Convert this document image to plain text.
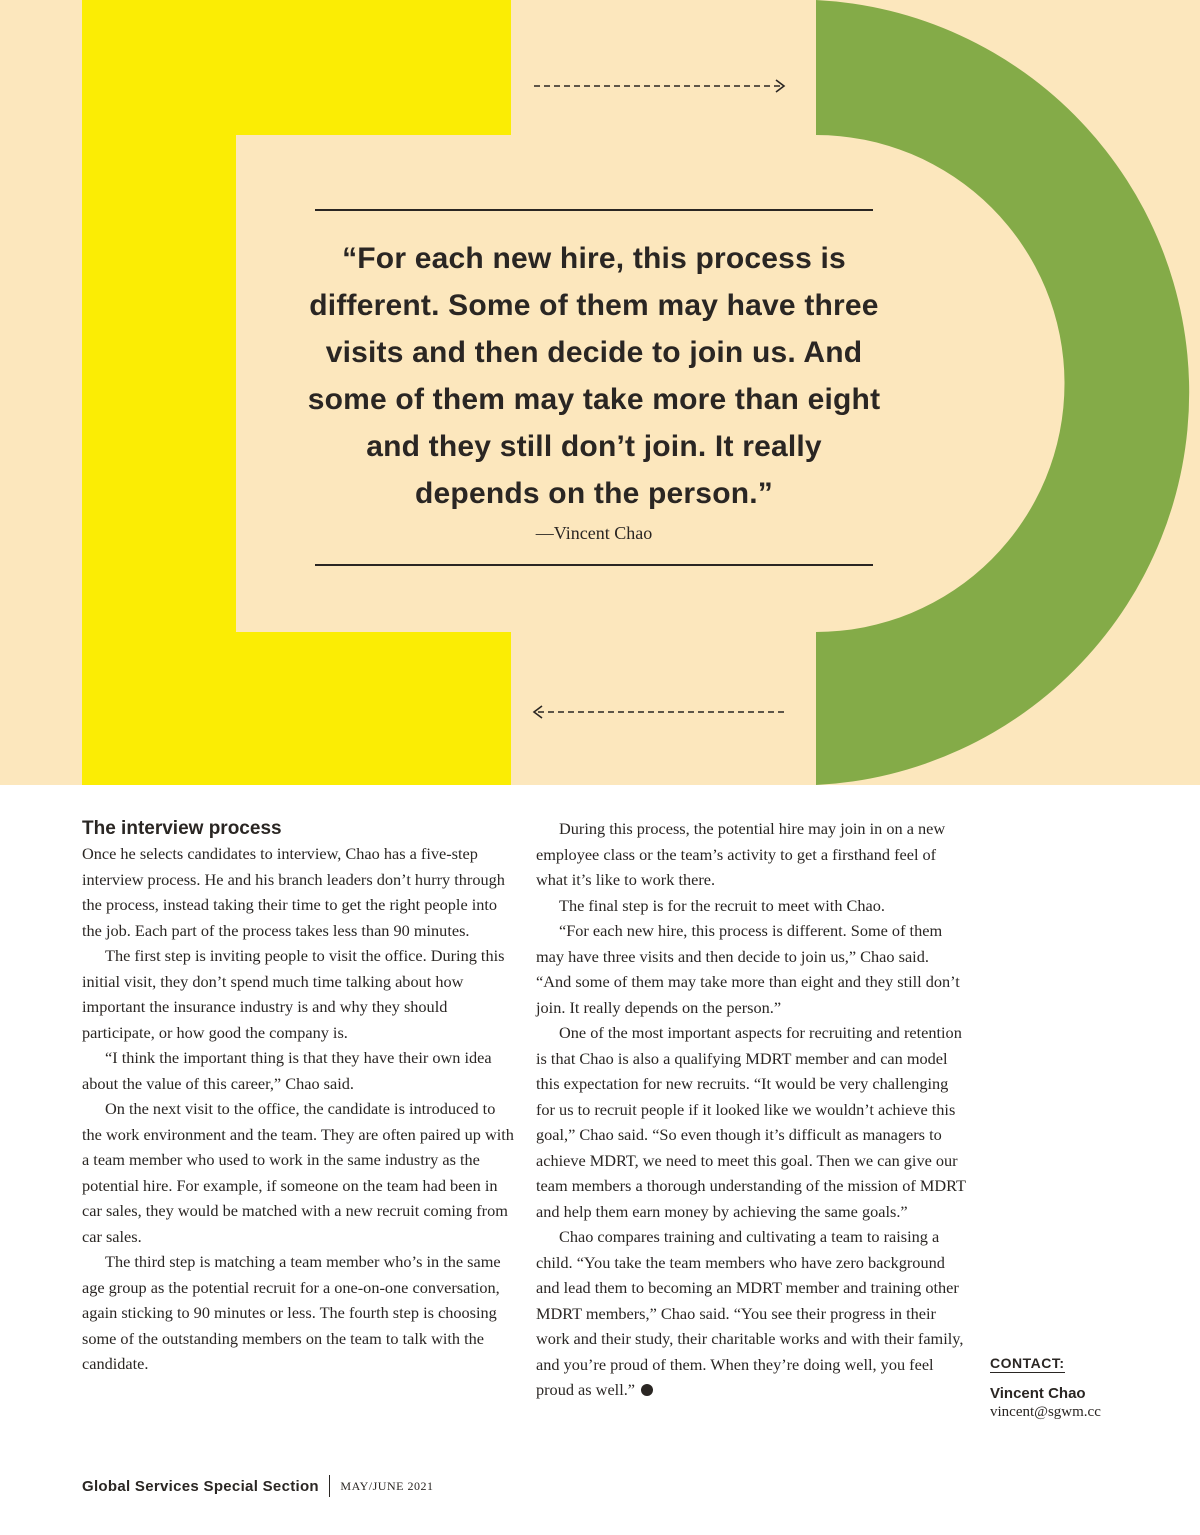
“For each new hire, this process is different. Some of them may have three visits and then decide to join us. And some of them may take more than eight and they still don’t join. It really depends on the person.”

—Vincent Chao
The interview process

Once he selects candidates to interview, Chao has a five-step interview process. He and his branch leaders don’t hurry through the process, instead taking their time to get the right people into the job. Each part of the process takes less than 90 minutes.

The first step is inviting people to visit the office. During this initial visit, they don’t spend much time talking about how important the insurance industry is and why they should participate, or how good the company is.

“I think the important thing is that they have their own idea about the value of this career,” Chao said.

On the next visit to the office, the candidate is introduced to the work environment and the team. They are often paired up with a team member who used to work in the same industry as the potential hire. For example, if someone on the team had been in car sales, they would be matched with a new recruit coming from car sales.

The third step is matching a team member who’s in the same age group as the potential recruit for a one-on-one conversation, again sticking to 90 minutes or less. The fourth step is choosing some of the outstanding members on the team to talk with the candidate.

During this process, the potential hire may join in on a new employee class or the team’s activity to get a firsthand feel of what it’s like to work there.

The final step is for the recruit to meet with Chao.

“For each new hire, this process is different. Some of them may have three visits and then decide to join us,” Chao said. “And some of them may take more than eight and they still don’t join. It really depends on the person.”

One of the most important aspects for recruiting and retention is that Chao is also a qualifying MDRT member and can model this expectation for new recruits. “It would be very challenging for us to recruit people if it looked like we wouldn’t achieve this goal,” Chao said. “So even though it’s difficult as managers to achieve MDRT, we need to meet this goal. Then we can give our team members a thorough understanding of the mission of MDRT and help them earn money by achieving the same goals.”

Chao compares training and cultivating a team to raising a child. “You take the team members who have zero background and lead them to becoming an MDRT member and training other MDRT members,” Chao said. “You see their progress in their work and their study, their charitable works and with their family, and you’re proud of them. When they’re doing well, you feel proud as well.”

CONTACT:
Vincent Chao
vincent@sgwm.cc
Global Services Special Section MAY/JUNE 2021
